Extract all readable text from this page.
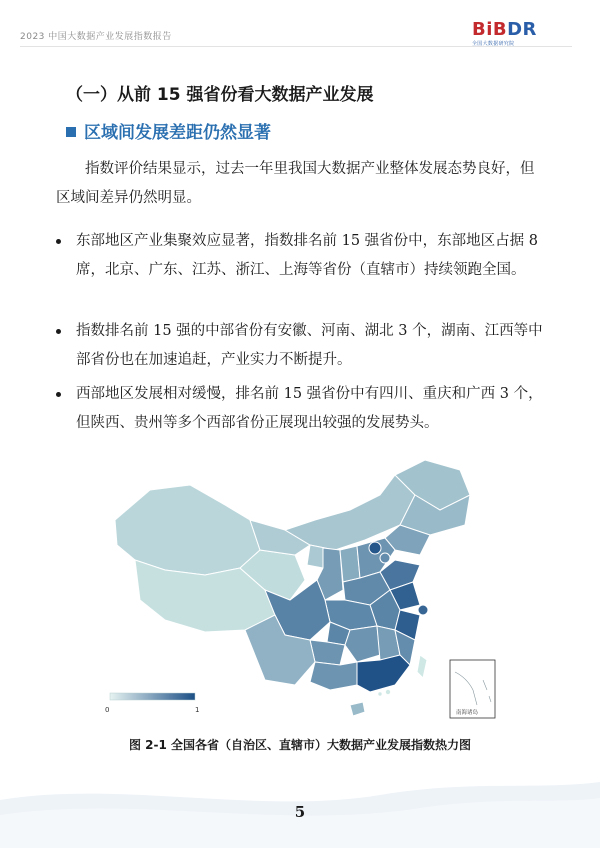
2023 中国大数据产业发展指数报告	BiBDR
全国大数据研究院
（一）从前 15 强省份看大数据产业发展
区域间发展差距仍然显著
指数评价结果显示，过去一年里我国大数据产业整体发展态势良好，但区域间差异仍然明显。
东部地区产业集聚效应显著，指数排名前 15 强省份中，东部地区占据 8 席，北京、广东、江苏、浙江、上海等省份（直辖市）持续领跑全国。
指数排名前 15 强的中部省份有安徽、河南、湖北 3 个，湖南、江西等中部省份也在加速追赶，产业实力不断提升。
西部地区发展相对缓慢，排名前 15 强省份中有四川、重庆和广西 3 个，但陕西、贵州等多个西部省份正展现出较强的发展势头。
0	1	南海诸岛
图 2-1 全国各省（自治区、直辖市）大数据产业发展指数热力图
5
